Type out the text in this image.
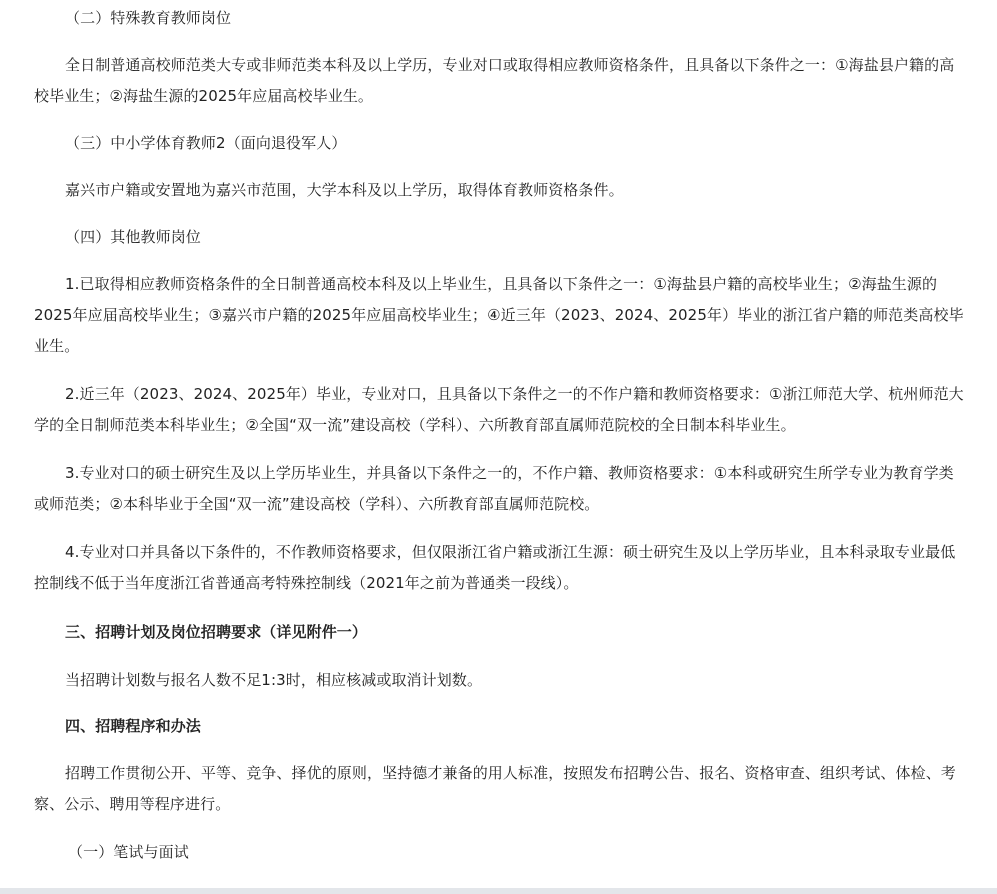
（二）特殊教育教师岗位

全日制普通高校师范类大专或非师范类本科及以上学历，专业对口或取得相应教师资格条件，且具备以下条件之一：①海盐县户籍的高校毕业生；②海盐生源的2025年应届高校毕业生。

（三）中小学体育教师2（面向退役军人）

嘉兴市户籍或安置地为嘉兴市范围，大学本科及以上学历，取得体育教师资格条件。

（四）其他教师岗位

1.已取得相应教师资格条件的全日制普通高校本科及以上毕业生，且具备以下条件之一：①海盐县户籍的高校毕业生；②海盐生源的2025年应届高校毕业生；③嘉兴市户籍的2025年应届高校毕业生；④近三年（2023、2024、2025年）毕业的浙江省户籍的师范类高校毕业生。

2.近三年（2023、2024、2025年）毕业，专业对口，且具备以下条件之一的不作户籍和教师资格要求：①浙江师范大学、杭州师范大学的全日制师范类本科毕业生；②全国“双一流”建设高校（学科）、六所教育部直属师范院校的全日制本科毕业生。

3.专业对口的硕士研究生及以上学历毕业生，并具备以下条件之一的，不作户籍、教师资格要求：①本科或研究生所学专业为教育学类或师范类；②本科毕业于全国“双一流”建设高校（学科）、六所教育部直属师范院校。

4.专业对口并具备以下条件的，不作教师资格要求，但仅限浙江省户籍或浙江生源：硕士研究生及以上学历毕业，且本科录取专业最低控制线不低于当年度浙江省普通高考特殊控制线（2021年之前为普通类一段线）。

三、招聘计划及岗位招聘要求（详见附件一）

当招聘计划数与报名人数不足1:3时，相应核减或取消计划数。

四、招聘程序和办法

招聘工作贯彻公开、平等、竞争、择优的原则，坚持德才兼备的用人标准，按照发布招聘公告、报名、资格审查、组织考试、体检、考察、公示、聘用等程序进行。

（一）笔试与面试
